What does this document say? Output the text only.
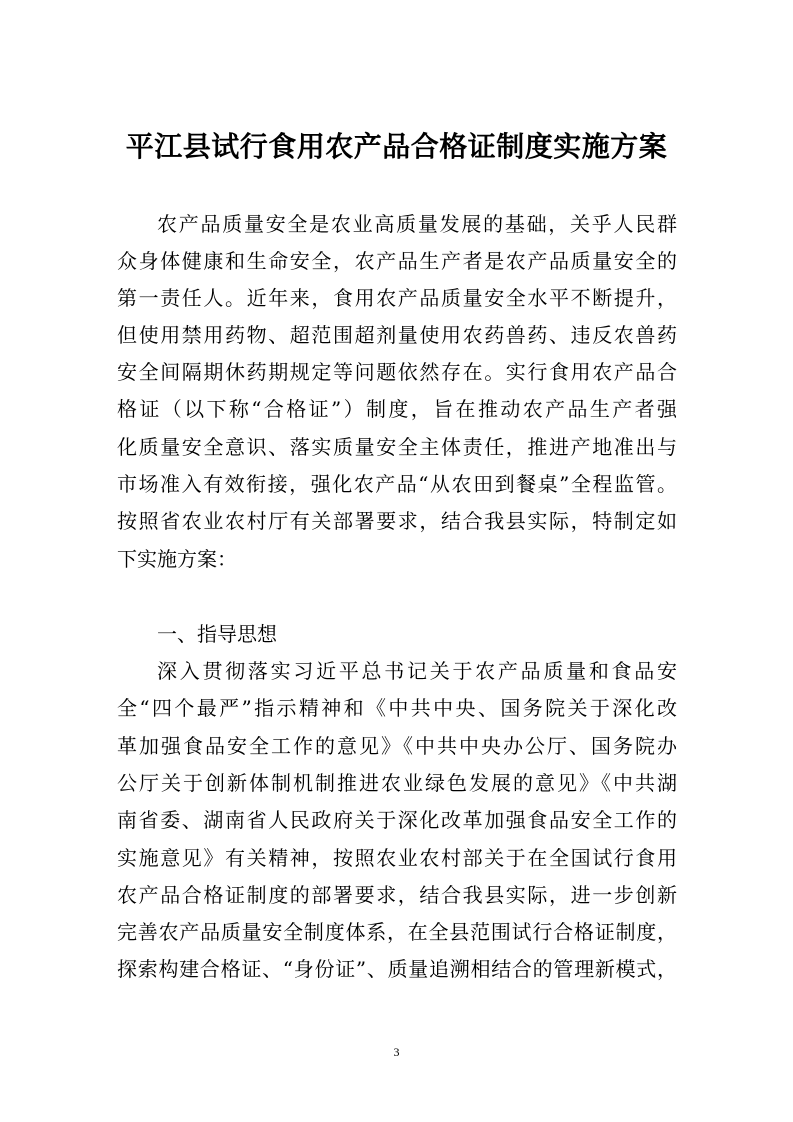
平江县试行食用农产品合格证制度实施方案

农产品质量安全是农业高质量发展的基础，关乎人民群

众身体健康和生命安全，农产品生产者是农产品质量安全的

第一责任人。近年来，食用农产品质量安全水平不断提升，

但使用禁用药物、超范围超剂量使用农药兽药、违反农兽药

安全间隔期休药期规定等问题依然存在。实行食用农产品合

格证（以下称“合格证”）制度，旨在推动农产品生产者强

化质量安全意识、落实质量安全主体责任，推进产地准出与

市场准入有效衔接，强化农产品“从农田到餐桌”全程监管。

按照省农业农村厅有关部署要求，结合我县实际，特制定如

下实施方案：

一、指导思想

深入贯彻落实习近平总书记关于农产品质量和食品安

全“四个最严”指示精神和《中共中央、国务院关于深化改

革加强食品安全工作的意见》《中共中央办公厅、国务院办

公厅关于创新体制机制推进农业绿色发展的意见》《中共湖

南省委、湖南省人民政府关于深化改革加强食品安全工作的

实施意见》有关精神，按照农业农村部关于在全国试行食用

农产品合格证制度的部署要求，结合我县实际，进一步创新

完善农产品质量安全制度体系，在全县范围试行合格证制度，

探索构建合格证、“身份证”、质量追溯相结合的管理新模式，

3
